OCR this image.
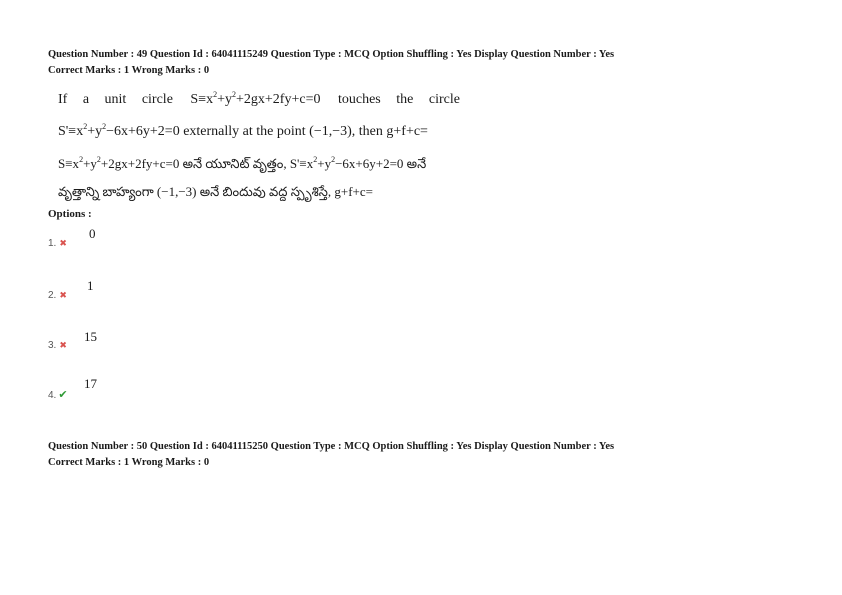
Question Number : 49 Question Id : 64041115249 Question Type : MCQ Option Shuffling : Yes Display Question Number : Yes
Correct Marks : 1 Wrong Marks : 0
If a unit circle $S\equiv x^2+y^2+2gx+2fy+c=0$ touches the circle
$S'\equiv x^2+y^2-6x+6y+2=0$ externally at the point (−1,−3), then g+f+c=
$S\equiv x^2+y^2+2gx+2fy+c=0$ అనే యూనిట్ వృత్తం, $S'\equiv x^2+y^2-6x+6y+2=0$ అనే
వృత్తాన్ని బాహ్యంగా (−1,−3) అనే బిందువు వద్ద స్పృశిస్తే, g+f+c=
Options :
1. ✖
0
2. ✖
1
3. ✖
15
4. ✔
17
Question Number : 50 Question Id : 64041115250 Question Type : MCQ Option Shuffling : Yes Display Question Number : Yes
Correct Marks : 1 Wrong Marks : 0
